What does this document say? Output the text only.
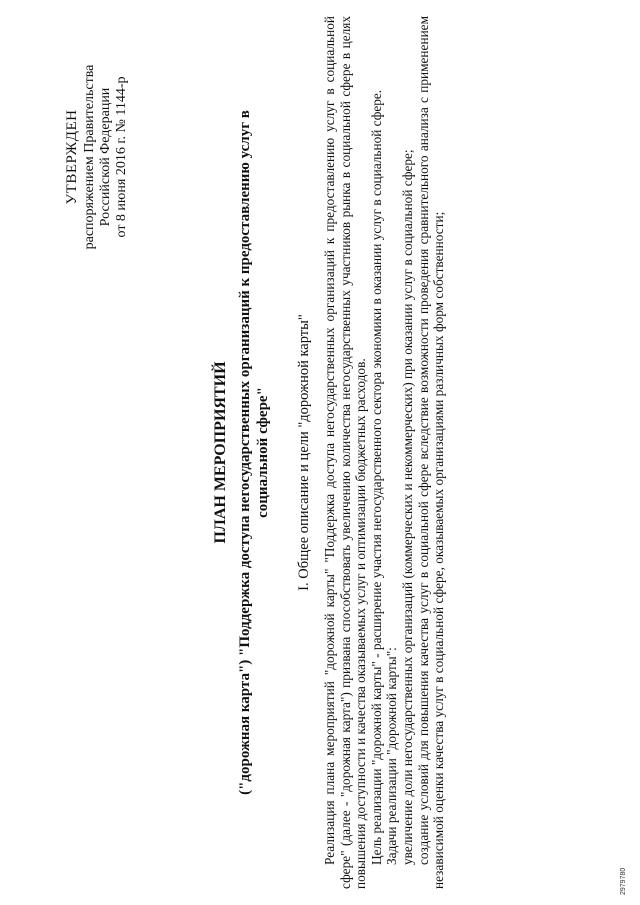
УТВЕРЖДЕН распоряжением Правительства Российской Федерации от 8 июня 2016 г. № 1144-р
ПЛАН МЕРОПРИЯТИЙ ("дорожная карта") "Поддержка доступа негосударственных организаций к предоставлению услуг в социальной сфере" I. Общее описание и цели "дорожной карты" Реализация плана мероприятий "дорожной карты" "Поддержка доступа негосударственных организаций к предоставлению услуг в социальной сфере" (далее - "дорожная карта") призвана способствовать увеличению количества негосударственных участников рынка в социальной сфере в целях повышения доступности и качества оказываемых услуг и оптимизации бюджетных расходов. Цель реализации "дорожной карты" - расширение участия негосударственного сектора экономики в оказании услуг в социальной сфере. Задачи реализации "дорожной карты": увеличение доли негосударственных организаций (коммерческих и некоммерческих) при оказании услуг в социальной сфере; создание условий для повышения качества услуг в социальной сфере вследствие возможности проведения сравнительного анализа с применением независимой оценки качества услуг в социальной сфере, оказываемых организациями различных форм собственности;	2979780
